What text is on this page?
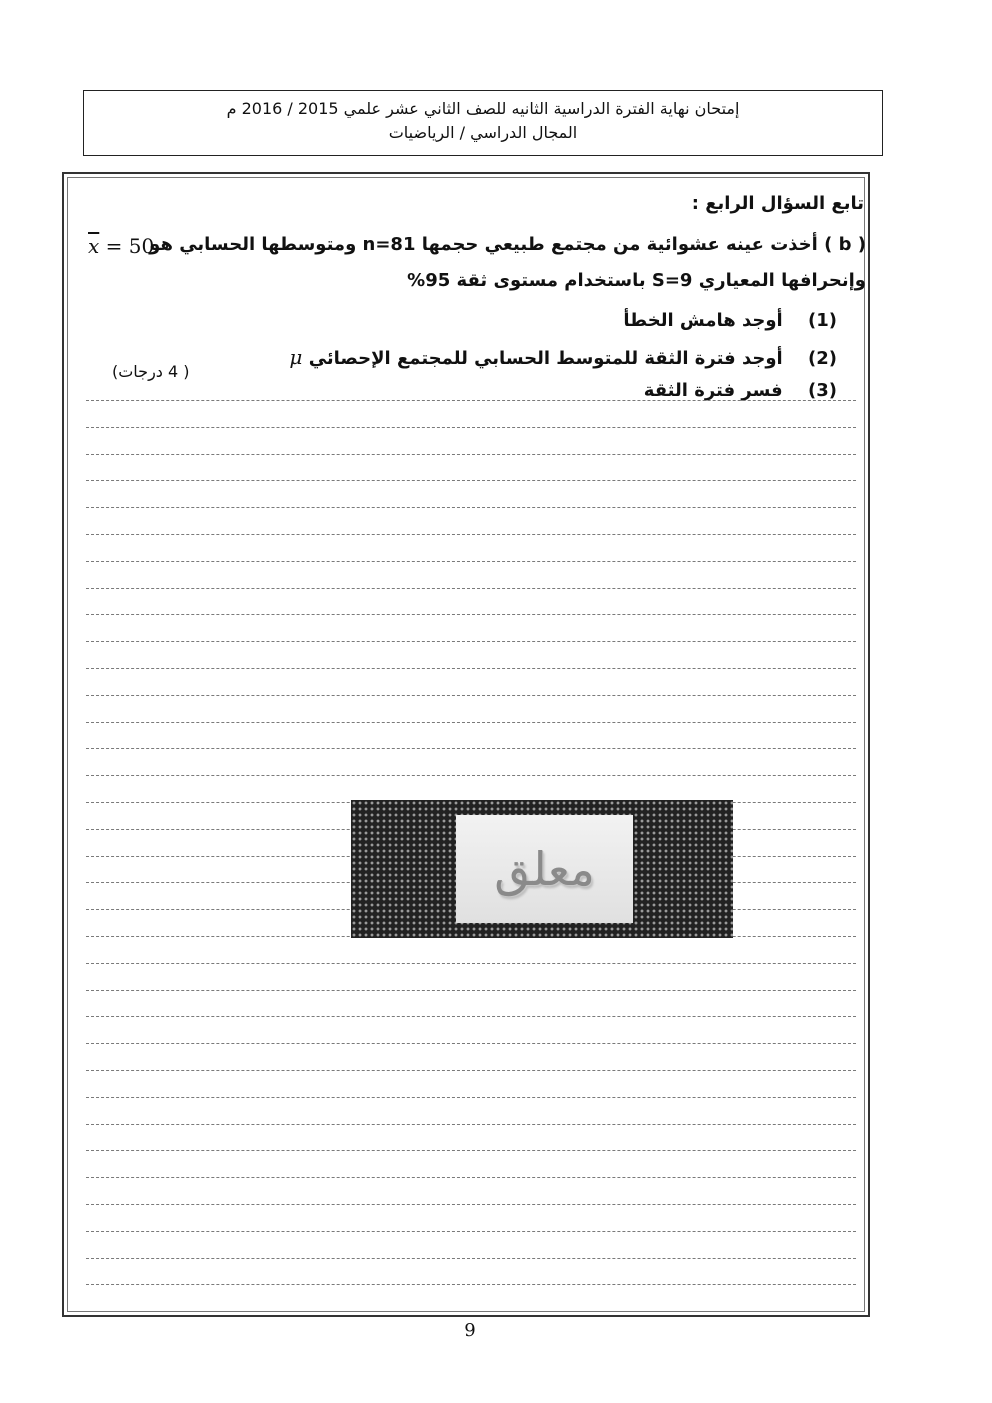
إمتحان نهاية الفترة الدراسية الثانيه للصف الثاني عشر علمي 2015 / 2016 م
المجال الدراسي / الرياضيات
تابع السؤال الرابع :
( b ) أخذت عينه عشوائية من مجتمع طبيعي حجمها n=81 ومتوسطها الحسابي هو
$\overline{x} = 50$
وإنحرافها المعياري S=9 باستخدام مستوى ثقة 95%
(1) أوجد هامش الخطأ
(2) أوجد فترة الثقة للمتوسط الحسابي للمجتمع الإحصائي μ
(3) فسر فترة الثقة
( 4 درجات)
معلق
9
